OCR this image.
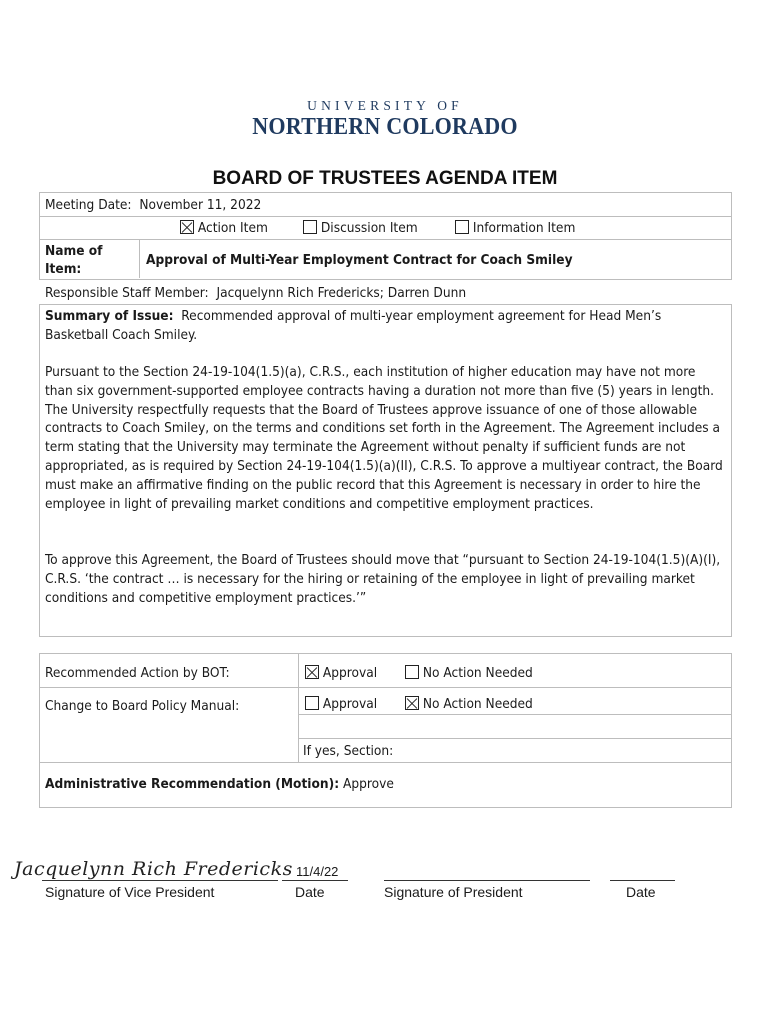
UNIVERSITY OF
NORTHERN COLORADO
BOARD OF TRUSTEES AGENDA ITEM
Meeting Date: November 11, 2022
Action Item	Discussion Item	Information Item
Name of
Item:
Approval of Multi-Year Employment Contract for Coach Smiley
Responsible Staff Member: Jacquelynn Rich Fredericks; Darren Dunn
Summary of Issue: Recommended approval of multi-year employment agreement for Head Men’s Basketball Coach Smiley.
Pursuant to the Section 24-19-104(1.5)(a), C.R.S., each institution of higher education may have not more than six government-supported employee contracts having a duration not more than five (5) years in length. The University respectfully requests that the Board of Trustees approve issuance of one of those allowable contracts to Coach Smiley, on the terms and conditions set forth in the Agreement. The Agreement includes a term stating that the University may terminate the Agreement without penalty if sufficient funds are not appropriated, as is required by Section 24-19-104(1.5)(a)(II), C.R.S. To approve a multiyear contract, the Board must make an affirmative finding on the public record that this Agreement is necessary in order to hire the employee in light of prevailing market conditions and competitive employment practices.
To approve this Agreement, the Board of Trustees should move that “pursuant to Section 24-19-104(1.5)(A)(I), C.R.S. ‘the contract … is necessary for the hiring or retaining of the employee in light of prevailing market conditions and competitive employment practices.’”
Recommended Action by BOT:	Approval	No Action Needed
Change to Board Policy Manual:	Approval	No Action Needed
If yes, Section:
Administrative Recommendation (Motion): Approve
Jacquelynn Rich Fredericks 11/4/22
Signature of Vice President	Date	Signature of President	Date
